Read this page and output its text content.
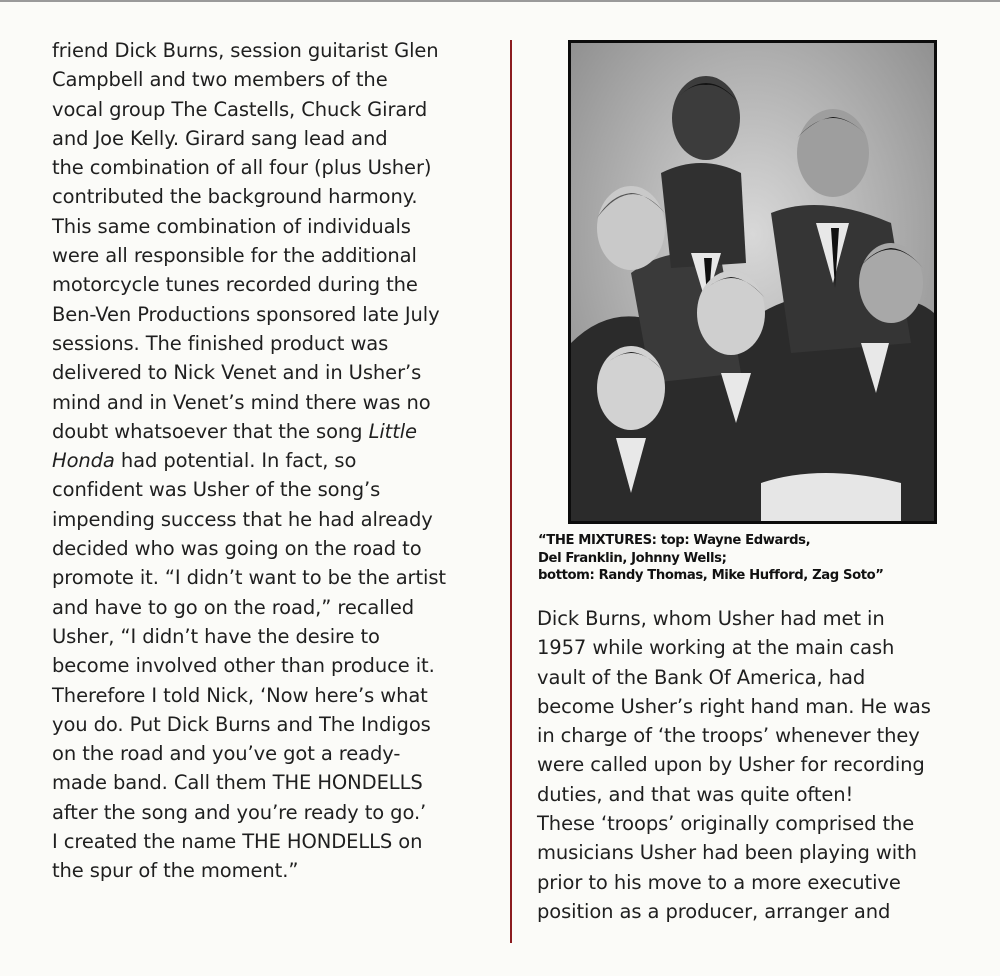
friend Dick Burns, session guitarist Glen

Campbell and two members of the

vocal group The Castells, Chuck Girard

and Joe Kelly. Girard sang lead and

the combination of all four (plus Usher)

contributed the background harmony.

This same combination of individuals

were all responsible for the additional

motorcycle tunes recorded during the

Ben-Ven Productions sponsored late July

sessions. The finished product was

delivered to Nick Venet and in Usher’s

mind and in Venet’s mind there was no

doubt whatsoever that the song Little

Honda had potential. In fact, so

confident was Usher of the song’s

impending success that he had already

decided who was going on the road to

promote it. “I didn’t want to be the artist

and have to go on the road,” recalled

Usher, “I didn’t have the desire to

become involved other than produce it.

Therefore I told Nick, ‘Now here’s what

you do. Put Dick Burns and The Indigos

on the road and you’ve got a ready-

made band. Call them THE HONDELLS

after the song and you’re ready to go.’

I created the name THE HONDELLS on

the spur of the moment.”

“THE MIXTURES: top: Wayne Edwards,

Del Franklin, Johnny Wells;

bottom: Randy Thomas, Mike Hufford, Zag Soto”

Dick Burns, whom Usher had met in

1957 while working at the main cash

vault of the Bank Of America, had

become Usher’s right hand man. He was

in charge of ‘the troops’ whenever they

were called upon by Usher for recording

duties, and that was quite often!

These ‘troops’ originally comprised the

musicians Usher had been playing with

prior to his move to a more executive

position as a producer, arranger and
